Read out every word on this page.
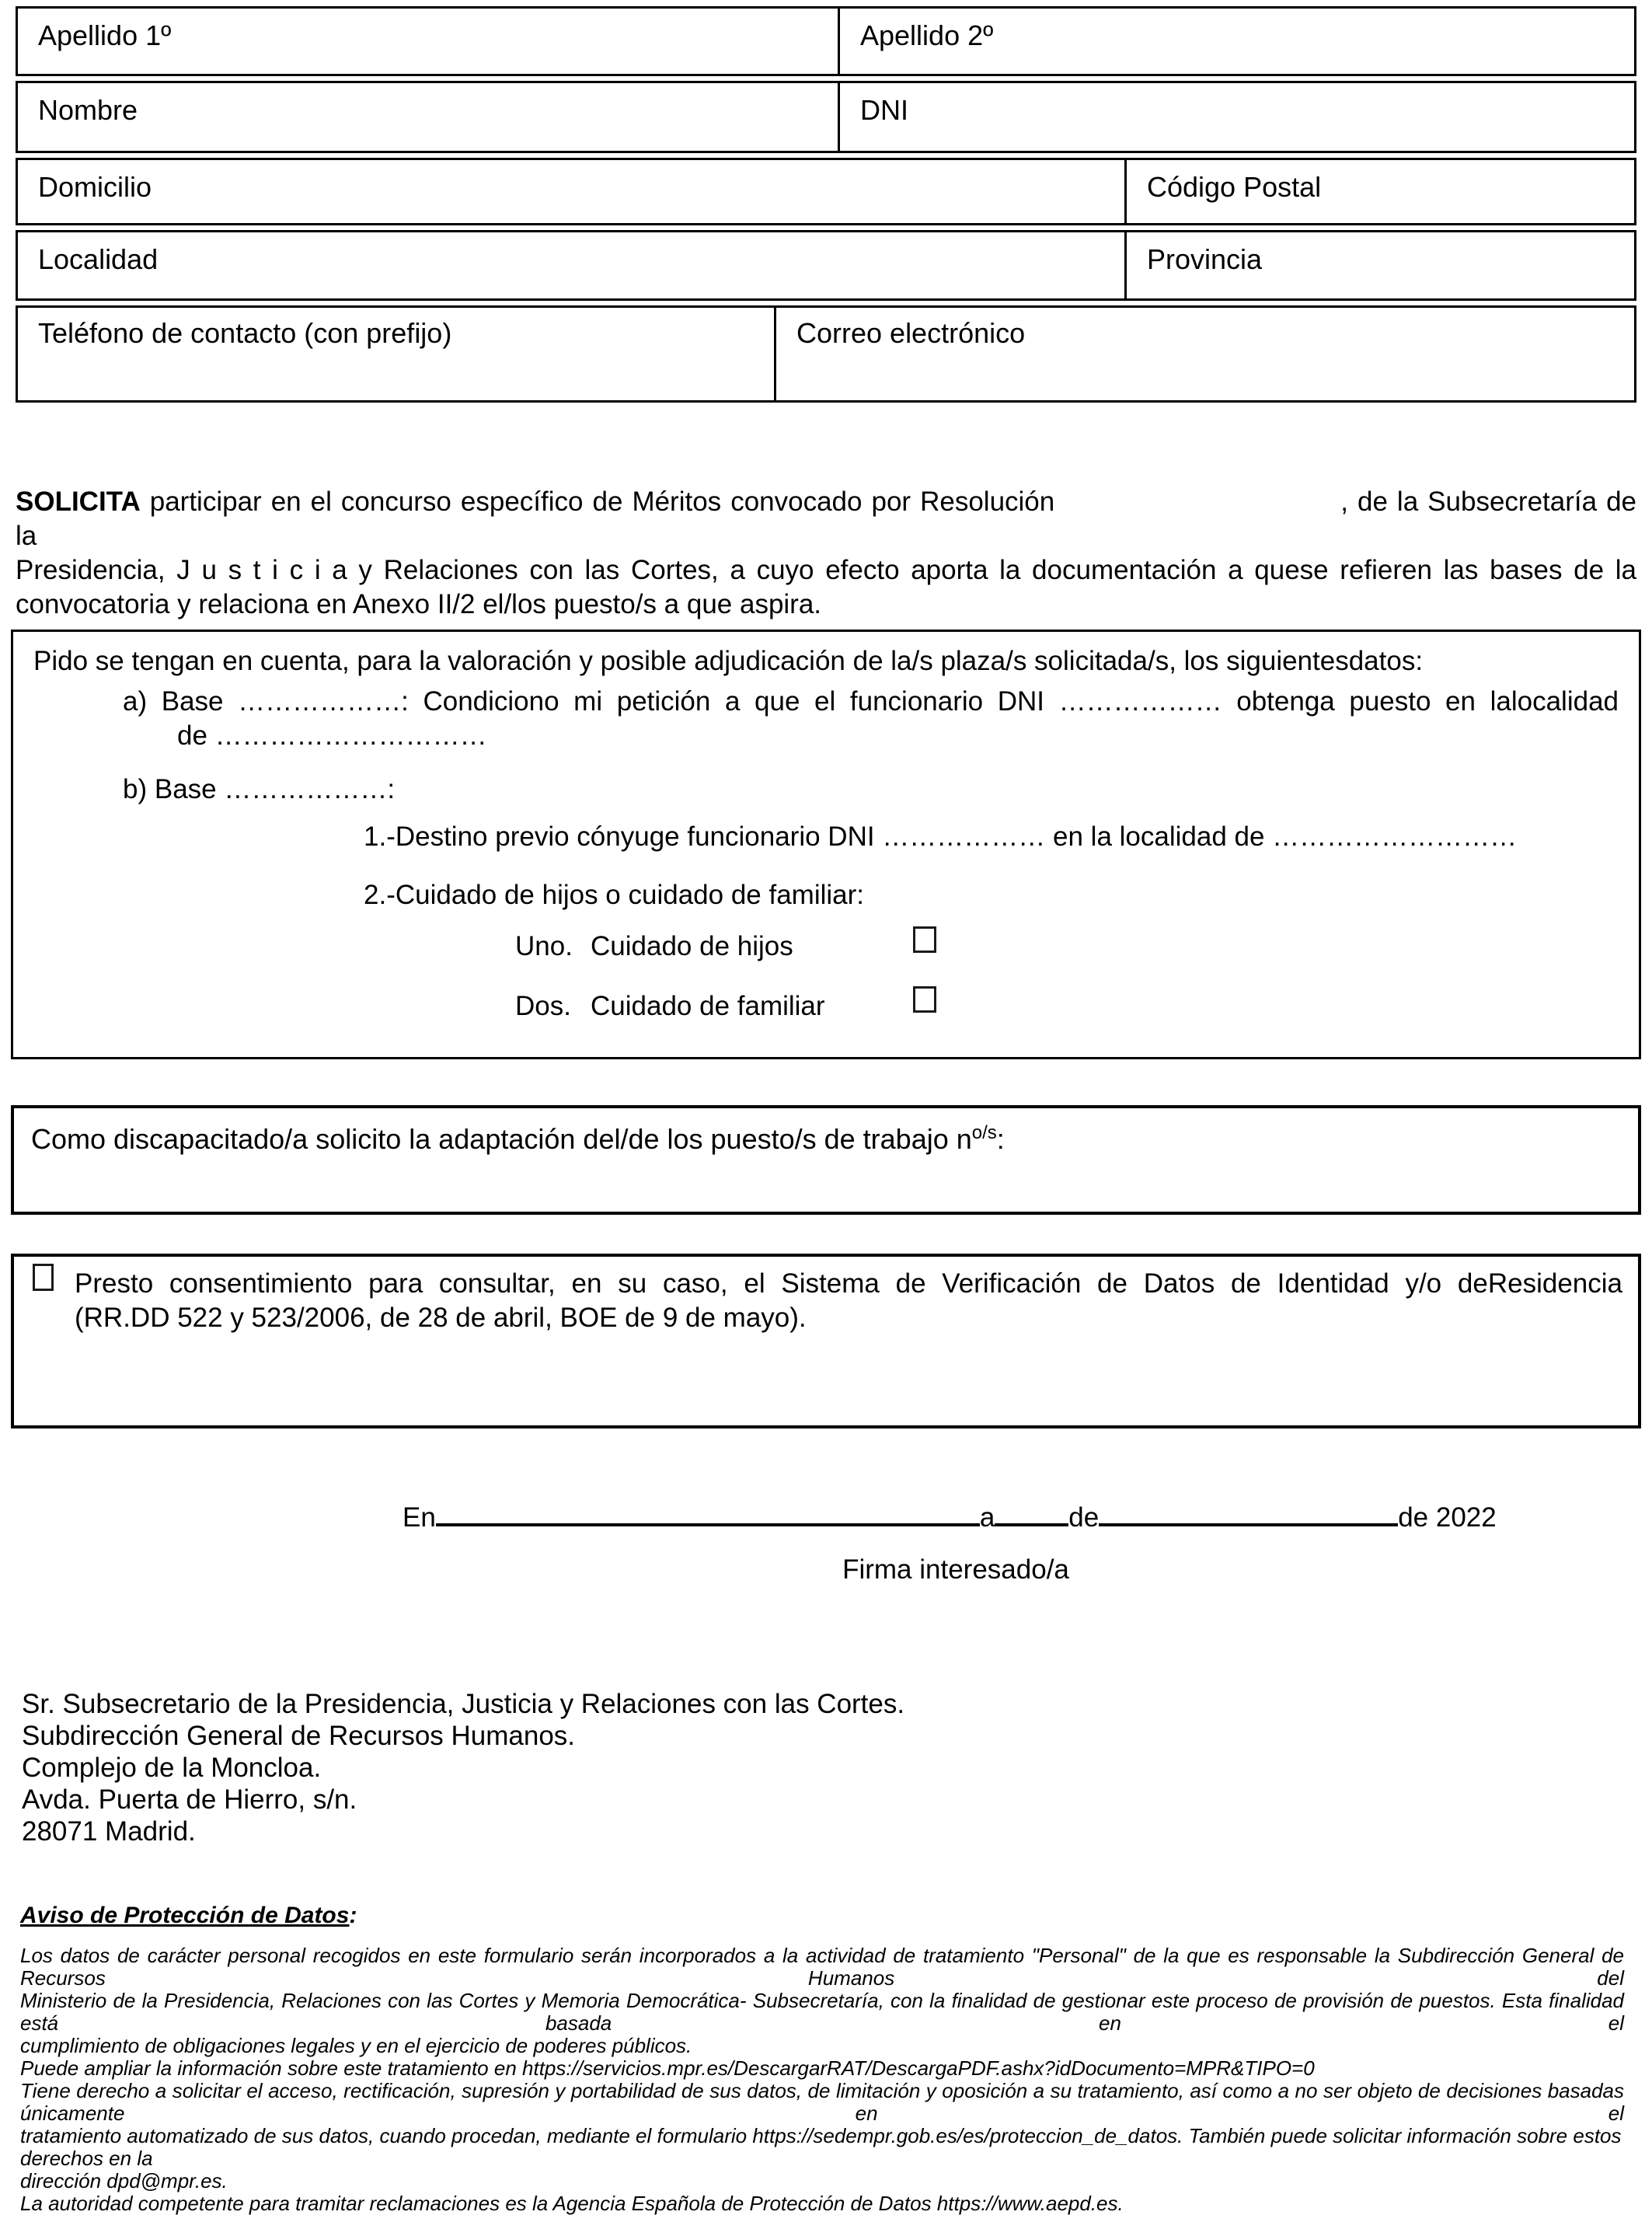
Apellido 1º	Apellido 2º
Nombre	DNI
Domicilio	Código Postal
Localidad	Provincia
Teléfono de contacto (con prefijo)	Correo electrónico
SOLICITA participar en el concurso específico de Méritos convocado por Resolución	, de la Subsecretaría de la
Presidencia, J u s t i c i a y Relaciones con las Cortes, a cuyo efecto aporta la documentación a quese refieren las bases de la
convocatoria y relaciona en Anexo II/2 el/los puesto/s a que aspira.
Pido se tengan en cuenta, para la valoración y posible adjudicación de la/s plaza/s solicitada/s, los siguientesdatos:
a) Base ………………: Condiciono mi petición a que el funcionario DNI ……………… obtenga puesto en lalocalidad
de …………………………
b) Base ………………:
1.-Destino previo cónyuge funcionario DNI ……………… en la localidad de ………………………
2.-Cuidado de hijos o cuidado de familiar:
Uno. Cuidado de hijos
Dos. Cuidado de familiar
Como discapacitado/a solicito la adaptación del/de los puesto/s de trabajo $n^{o/s}$:
Presto consentimiento para consultar, en su caso, el Sistema de Verificación de Datos de Identidad y/o deResidencia
(RR.DD 522 y 523/2006, de 28 de abril, BOE de 9 de mayo).
En	a	de	de 2022
Firma interesado/a
Sr. Subsecretario de la Presidencia, Justicia y Relaciones con las Cortes.
Subdirección General de Recursos Humanos.
Complejo de la Moncloa.
Avda. Puerta de Hierro, s/n.
28071 Madrid.
Aviso de Protección de Datos:
Los datos de carácter personal recogidos en este formulario serán incorporados a la actividad de tratamiento "Personal" de la que es responsable la Subdirección General de Recursos Humanos del
Ministerio de la Presidencia, Relaciones con las Cortes y Memoria Democrática- Subsecretaría, con la finalidad de gestionar este proceso de provisión de puestos. Esta finalidad está basada en el
cumplimiento de obligaciones legales y en el ejercicio de poderes públicos.
Puede ampliar la información sobre este tratamiento en https://servicios.mpr.es/DescargarRAT/DescargaPDF.ashx?idDocumento=MPR&TIPO=0
Tiene derecho a solicitar el acceso, rectificación, supresión y portabilidad de sus datos, de limitación y oposición a su tratamiento, así como a no ser objeto de decisiones basadas únicamente en el
tratamiento automatizado de sus datos, cuando procedan, mediante el formulario https://sedempr.gob.es/es/proteccion_de_datos. También puede solicitar información sobre estos derechos en la
dirección dpd@mpr.es.
La autoridad competente para tramitar reclamaciones es la Agencia Española de Protección de Datos https://www.aepd.es.
